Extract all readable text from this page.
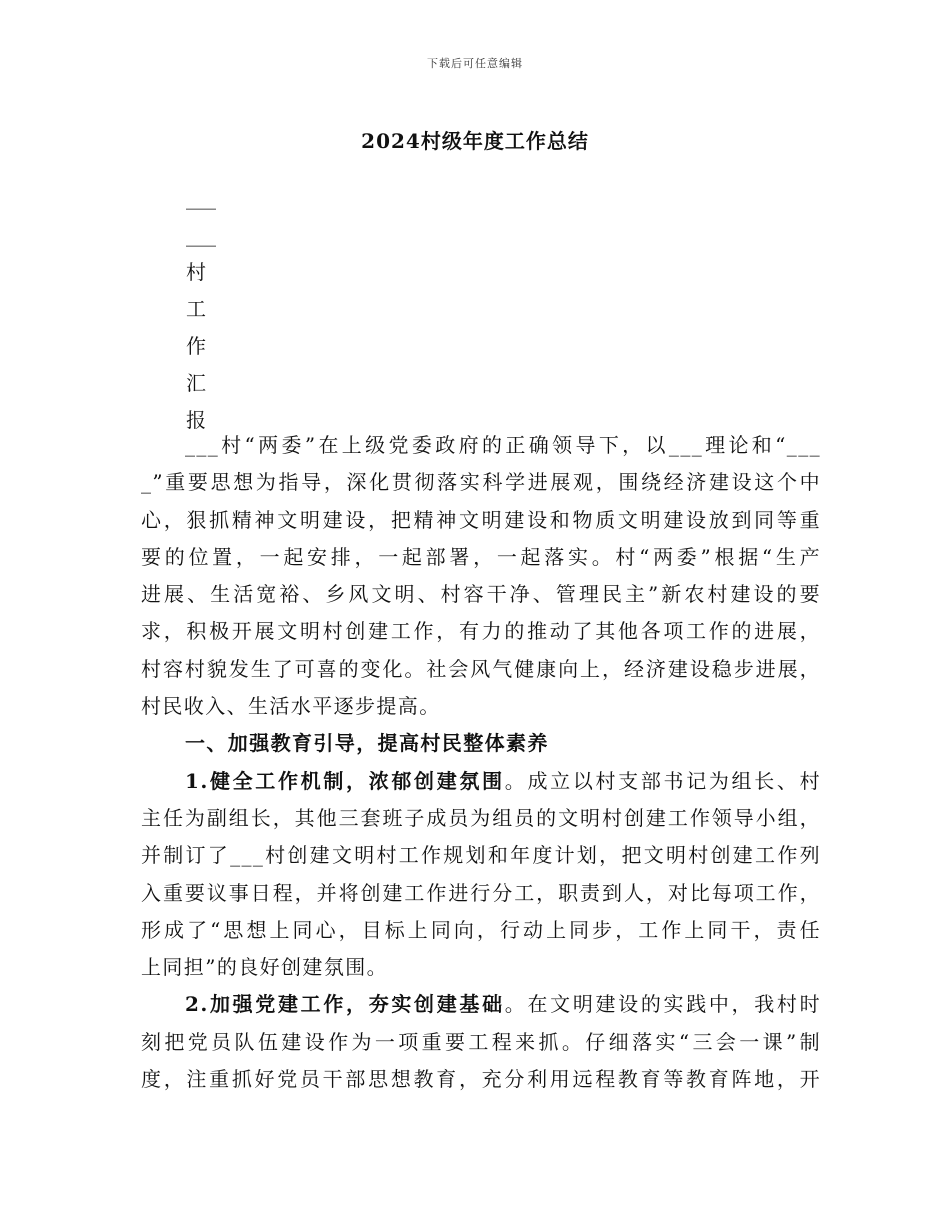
下载后可任意编辑
2024村级年度工作总结
___
___
村
工
作
汇
报
___村“两委”在上级党委政府的正确领导下，以___理论和“___
_”重要思想为指导，深化贯彻落实科学进展观，围绕经济建设这个中
心，狠抓精神文明建设，把精神文明建设和物质文明建设放到同等重
要的位置，一起安排，一起部署，一起落实。村“两委”根据“生产
进展、生活宽裕、乡风文明、村容干净、管理民主”新农村建设的要
求，积极开展文明村创建工作，有力的推动了其他各项工作的进展，
村容村貌发生了可喜的变化。社会风气健康向上，经济建设稳步进展，
村民收入、生活水平逐步提高。
一、加强教育引导，提高村民整体素养
1.健全工作机制，浓郁创建氛围。成立以村支部书记为组长、村
主任为副组长，其他三套班子成员为组员的文明村创建工作领导小组，
并制订了___村创建文明村工作规划和年度计划，把文明村创建工作列
入重要议事日程，并将创建工作进行分工，职责到人，对比每项工作，
形成了“思想上同心，目标上同向，行动上同步，工作上同干，责任
上同担”的良好创建氛围。
2.加强党建工作，夯实创建基础。在文明建设的实践中，我村时
刻把党员队伍建设作为一项重要工程来抓。仔细落实“三会一课”制
度，注重抓好党员干部思想教育，充分利用远程教育等教育阵地，开
